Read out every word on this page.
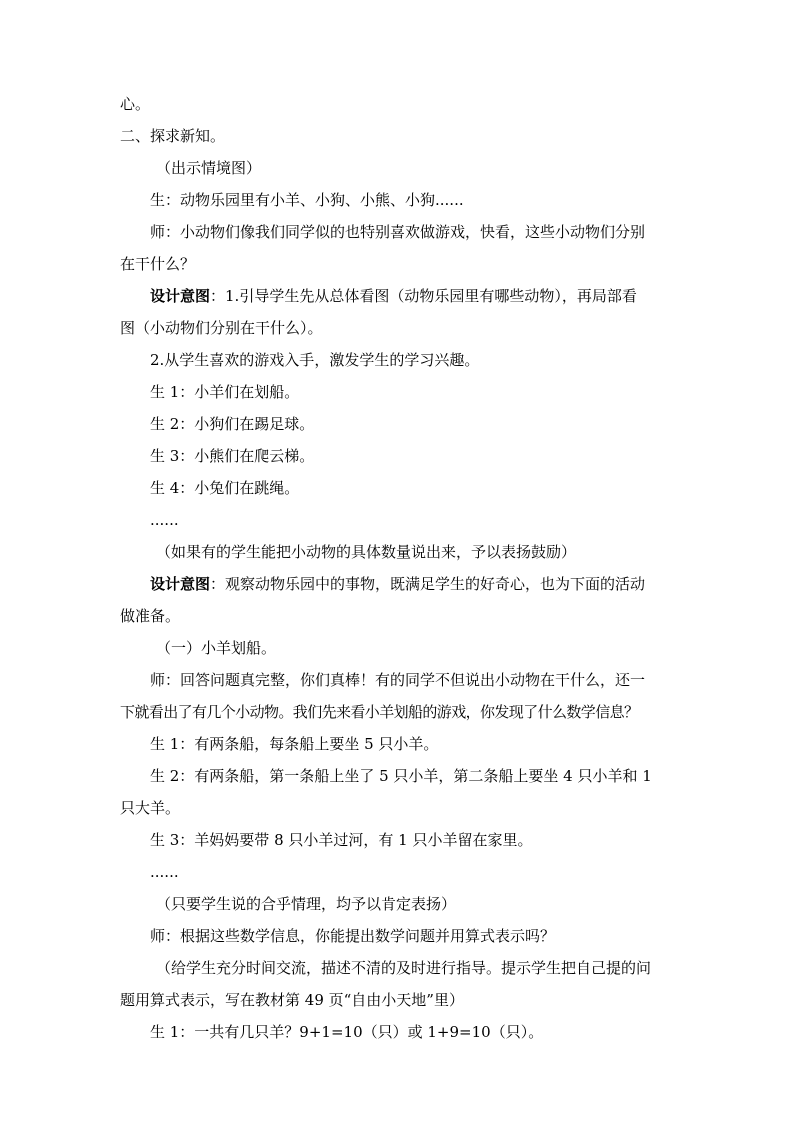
心。
二、探求新知。
（出示情境图）
生：动物乐园里有小羊、小狗、小熊、小狗......
师：小动物们像我们同学似的也特别喜欢做游戏，快看，这些小动物们分别
在干什么？
设计意图：1.引导学生先从总体看图（动物乐园里有哪些动物），再局部看
图（小动物们分别在干什么）。
2.从学生喜欢的游戏入手，激发学生的学习兴趣。
生 1：小羊们在划船。
生 2：小狗们在踢足球。
生 3：小熊们在爬云梯。
生 4：小兔们在跳绳。
......
（如果有的学生能把小动物的具体数量说出来，予以表扬鼓励）
设计意图：观察动物乐园中的事物，既满足学生的好奇心，也为下面的活动
做准备。
（一）小羊划船。
师：回答问题真完整，你们真棒！有的同学不但说出小动物在干什么，还一
下就看出了有几个小动物。我们先来看小羊划船的游戏，你发现了什么数学信息？
生 1：有两条船，每条船上要坐 5 只小羊。
生 2：有两条船，第一条船上坐了 5 只小羊，第二条船上要坐 4 只小羊和 1
只大羊。
生 3：羊妈妈要带 8 只小羊过河，有 1 只小羊留在家里。
......
（只要学生说的合乎情理，均予以肯定表扬）
师：根据这些数学信息，你能提出数学问题并用算式表示吗？
（给学生充分时间交流，描述不清的及时进行指导。提示学生把自己提的问
题用算式表示，写在教材第 49 页“自由小天地”里）
生 1：一共有几只羊？9+1=10（只）或 1+9=10（只）。
